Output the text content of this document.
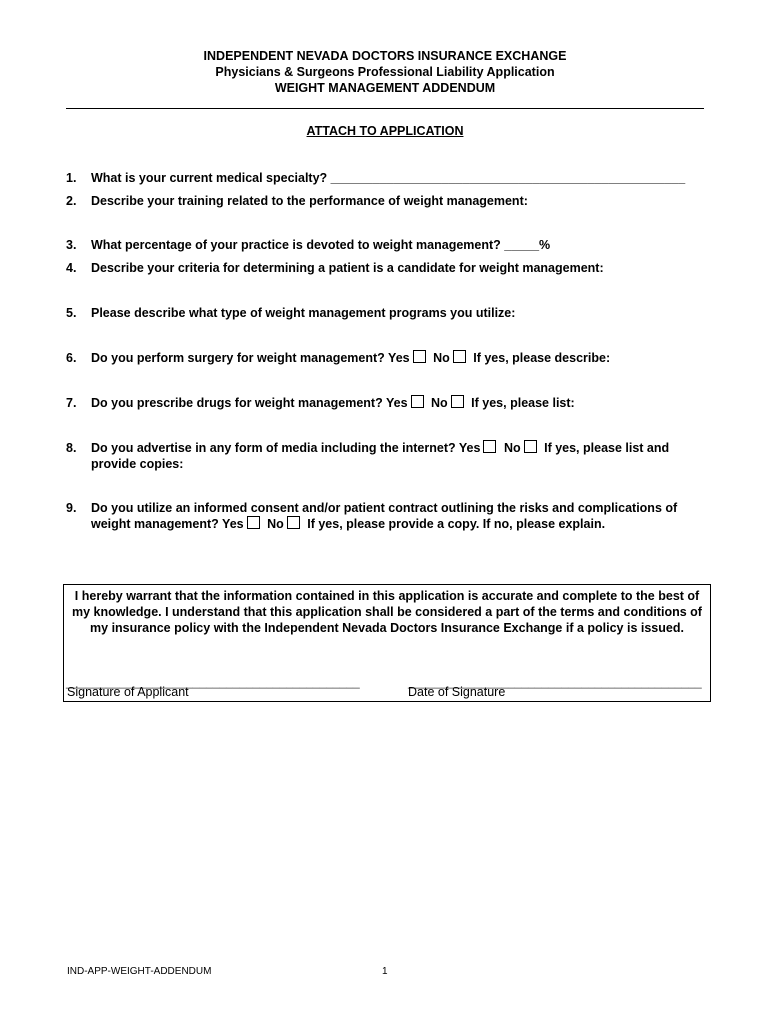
INDEPENDENT NEVADA DOCTORS INSURANCE EXCHANGE
Physicians & Surgeons Professional Liability Application
WEIGHT MANAGEMENT ADDENDUM
ATTACH TO APPLICATION
1. What is your current medical specialty? ___________________________________________________
2. Describe your training related to the performance of weight management:
3. What percentage of your practice is devoted to weight management? _____%
4. Describe your criteria for determining a patient is a candidate for weight management:
5. Please describe what type of weight management programs you utilize:
6. Do you perform surgery for weight management? Yes No If yes, please describe:
7. Do you prescribe drugs for weight management? Yes No If yes, please list:
8. Do you advertise in any form of media including the internet? Yes No If yes, please list and
provide copies:
9. Do you utilize an informed consent and/or patient contract outlining the risks and complications of
weight management? Yes No If yes, please provide a copy. If no, please explain.
I hereby warrant that the information contained in this application is accurate and complete to the best of my knowledge. I understand that this application shall be considered a part of the terms and conditions of my insurance policy with the Independent Nevada Doctors Insurance Exchange if a policy is issued.
____________________________________________	____________________________________________
Signature of Applicant	Date of Signature
IND-APP-WEIGHT-ADDENDUM	1
